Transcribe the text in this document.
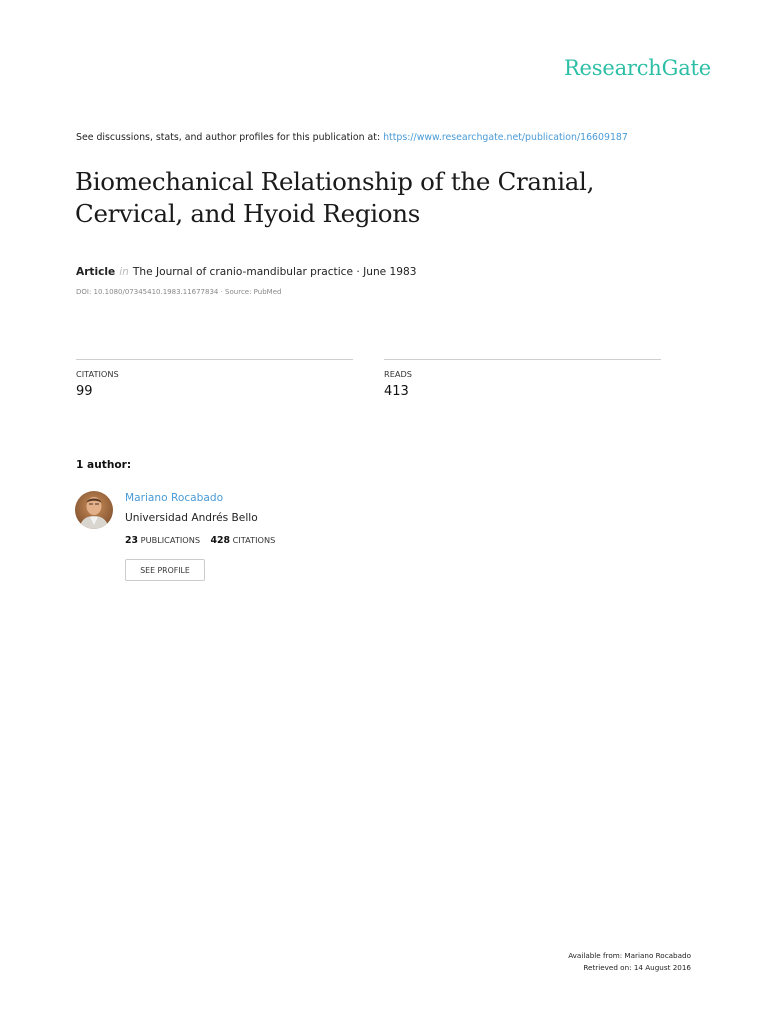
ResearchGate
See discussions, stats, and author profiles for this publication at: https://www.researchgate.net/publication/16609187
Biomechanical Relationship of the Cranial, Cervical, and Hyoid Regions
Article in The Journal of cranio-mandibular practice · June 1983
DOI: 10.1080/07345410.1983.11677834 · Source: PubMed
CITATIONS
99
READS
413
1 author:
Mariano Rocabado
Universidad Andrés Bello
23 PUBLICATIONS 428 CITATIONS
SEE PROFILE
Available from: Mariano Rocabado
Retrieved on: 14 August 2016
